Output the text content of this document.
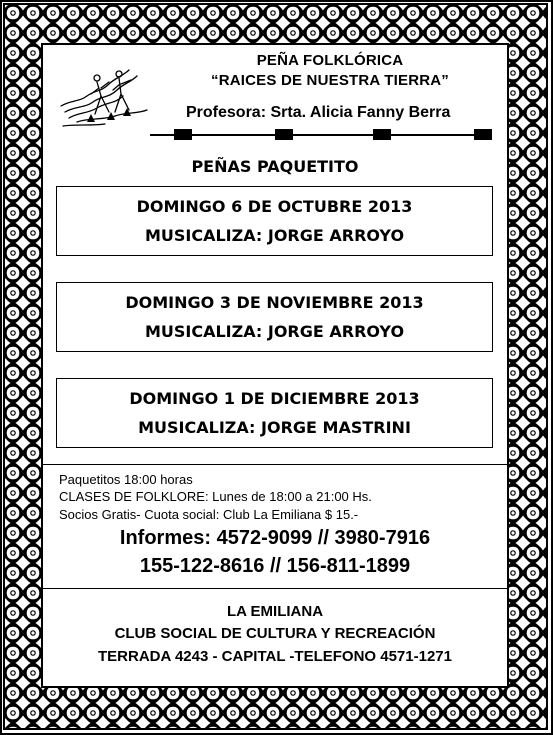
PEÑA FOLKLÓRICA
“RAICES DE NUESTRA TIERRA”
Profesora: Srta. Alicia Fanny Berra
PEÑAS PAQUETITO
DOMINGO 6 DE OCTUBRE 2013
MUSICALIZA: JORGE ARROYO
DOMINGO 3 DE NOVIEMBRE 2013
MUSICALIZA: JORGE ARROYO
DOMINGO 1 DE DICIEMBRE 2013
MUSICALIZA: JORGE MASTRINI
Paquetitos 18:00 horas
CLASES DE FOLKLORE: Lunes de 18:00 a 21:00 Hs.
Socios Gratis- Cuota social: Club La Emiliana $ 15.-
Informes: 4572-9099 // 3980-7916
155-122-8616 // 156-811-1899
LA EMILIANA
CLUB SOCIAL DE CULTURA Y RECREACIÓN
TERRADA 4243 - CAPITAL -TELEFONO 4571-1271
